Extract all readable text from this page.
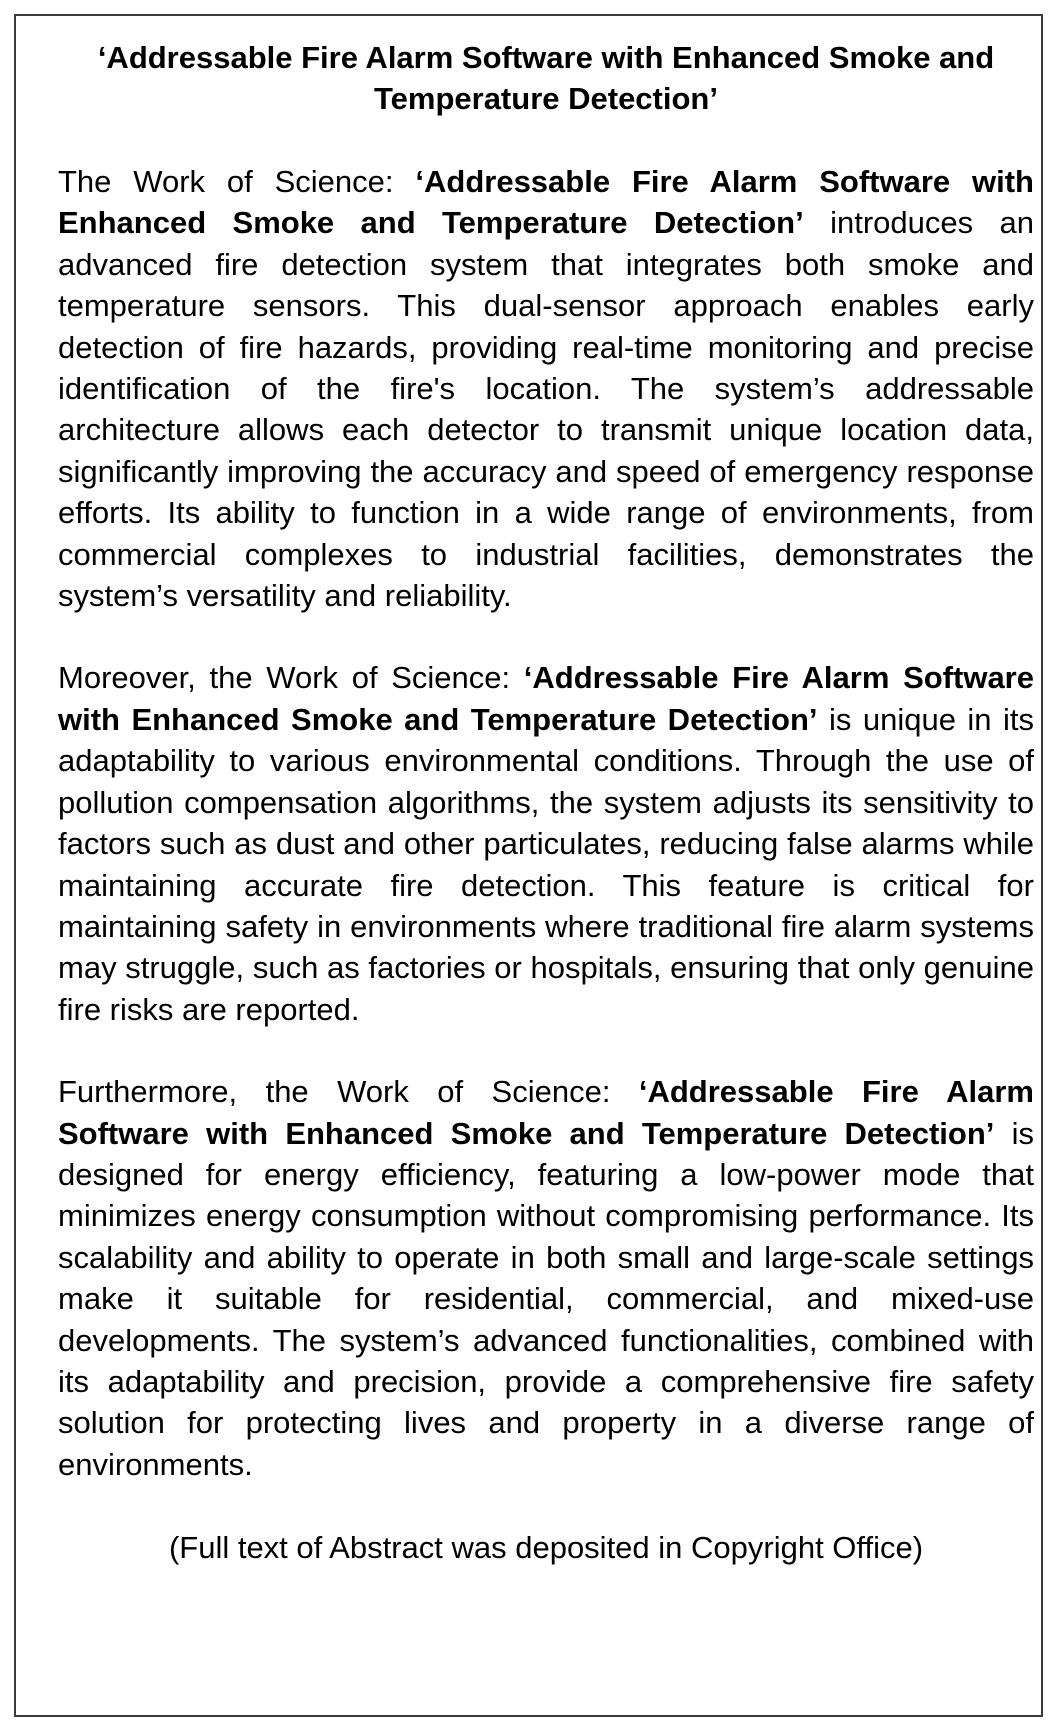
‘Addressable Fire Alarm Software with Enhanced Smoke and Temperature Detection’

The Work of Science: ‘Addressable Fire Alarm Software with Enhanced Smoke and Temperature Detection’ introduces an advanced fire detection system that integrates both smoke and temperature sensors. This dual-sensor approach enables early detection of fire hazards, providing real-time monitoring and precise identification of the fire's location. The system’s addressable architecture allows each detector to transmit unique location data, significantly improving the accuracy and speed of emergency response efforts. Its ability to function in a wide range of environments, from commercial complexes to industrial facilities, demonstrates the system’s versatility and reliability.

Moreover, the Work of Science: ‘Addressable Fire Alarm Software with Enhanced Smoke and Temperature Detection’ is unique in its adaptability to various environmental conditions. Through the use of pollution compensation algorithms, the system adjusts its sensitivity to factors such as dust and other particulates, reducing false alarms while maintaining accurate fire detection. This feature is critical for maintaining safety in environments where traditional fire alarm systems may struggle, such as factories or hospitals, ensuring that only genuine fire risks are reported.

Furthermore, the Work of Science: ‘Addressable Fire Alarm Software with Enhanced Smoke and Temperature Detection’ is designed for energy efficiency, featuring a low-power mode that minimizes energy consumption without compromising performance. Its scalability and ability to operate in both small and large-scale settings make it suitable for residential, commercial, and mixed-use developments. The system’s advanced functionalities, combined with its adaptability and precision, provide a comprehensive fire safety solution for protecting lives and property in a diverse range of environments.

(Full text of Abstract was deposited in Copyright Office)
